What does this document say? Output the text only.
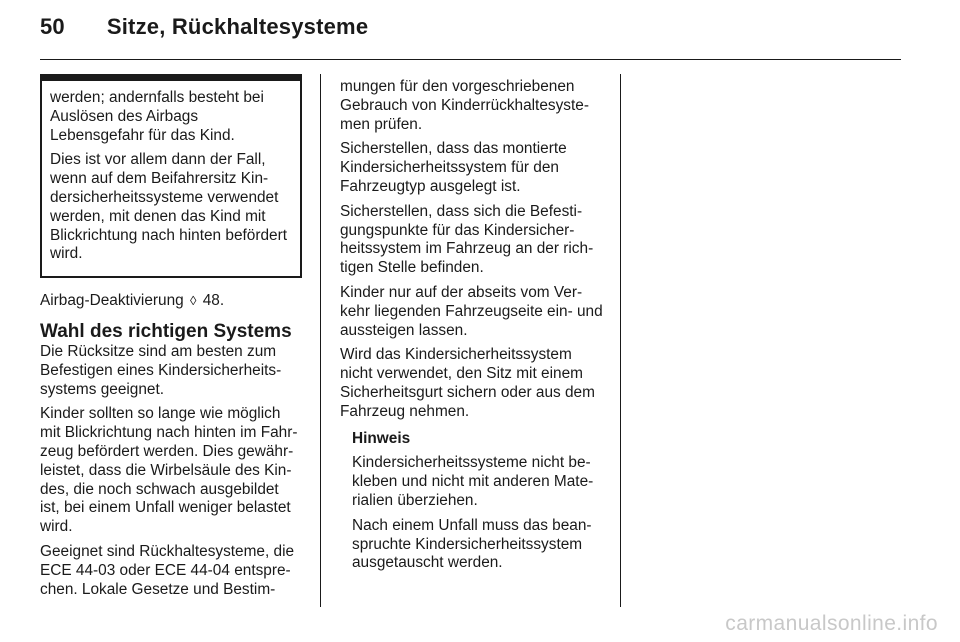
50 Sitze, Rückhaltesysteme

werden; andernfalls besteht bei Auslösen des Airbags Lebensgefahr für das Kind.

Dies ist vor allem dann der Fall, wenn auf dem Beifahrersitz Kindersicherheitssysteme verwendet werden, mit denen das Kind mit Blickrichtung nach hinten befördert wird.

Airbag-Deaktivierung ◊ 48.

Wahl des richtigen Systems

Die Rücksitze sind am besten zum Befestigen eines Kindersicherheitssystems geeignet.

Kinder sollten so lange wie möglich mit Blickrichtung nach hinten im Fahrzeug befördert werden. Dies gewährleistet, dass die Wirbelsäule des Kindes, die noch schwach ausgebildet ist, bei einem Unfall weniger belastet wird.

Geeignet sind Rückhaltesysteme, die ECE 44-03 oder ECE 44-04 entsprechen. Lokale Gesetze und Bestim-

mungen für den vorgeschriebenen Gebrauch von Kinderrückhaltesystemen prüfen.

Sicherstellen, dass das montierte Kindersicherheitssystem für den Fahrzeugtyp ausgelegt ist.

Sicherstellen, dass sich die Befestigungspunkte für das Kindersicherheitssystem im Fahrzeug an der richtigen Stelle befinden.

Kinder nur auf der abseits vom Verkehr liegenden Fahrzeugseite ein- und aussteigen lassen.

Wird das Kindersicherheitssystem nicht verwendet, den Sitz mit einem Sicherheitsgurt sichern oder aus dem Fahrzeug nehmen.

Hinweis

Kindersicherheitssysteme nicht bekleben und nicht mit anderen Materialien überziehen.

Nach einem Unfall muss das beanspruchte Kindersicherheitssystem ausgetauscht werden.

carmanualsonline.info
